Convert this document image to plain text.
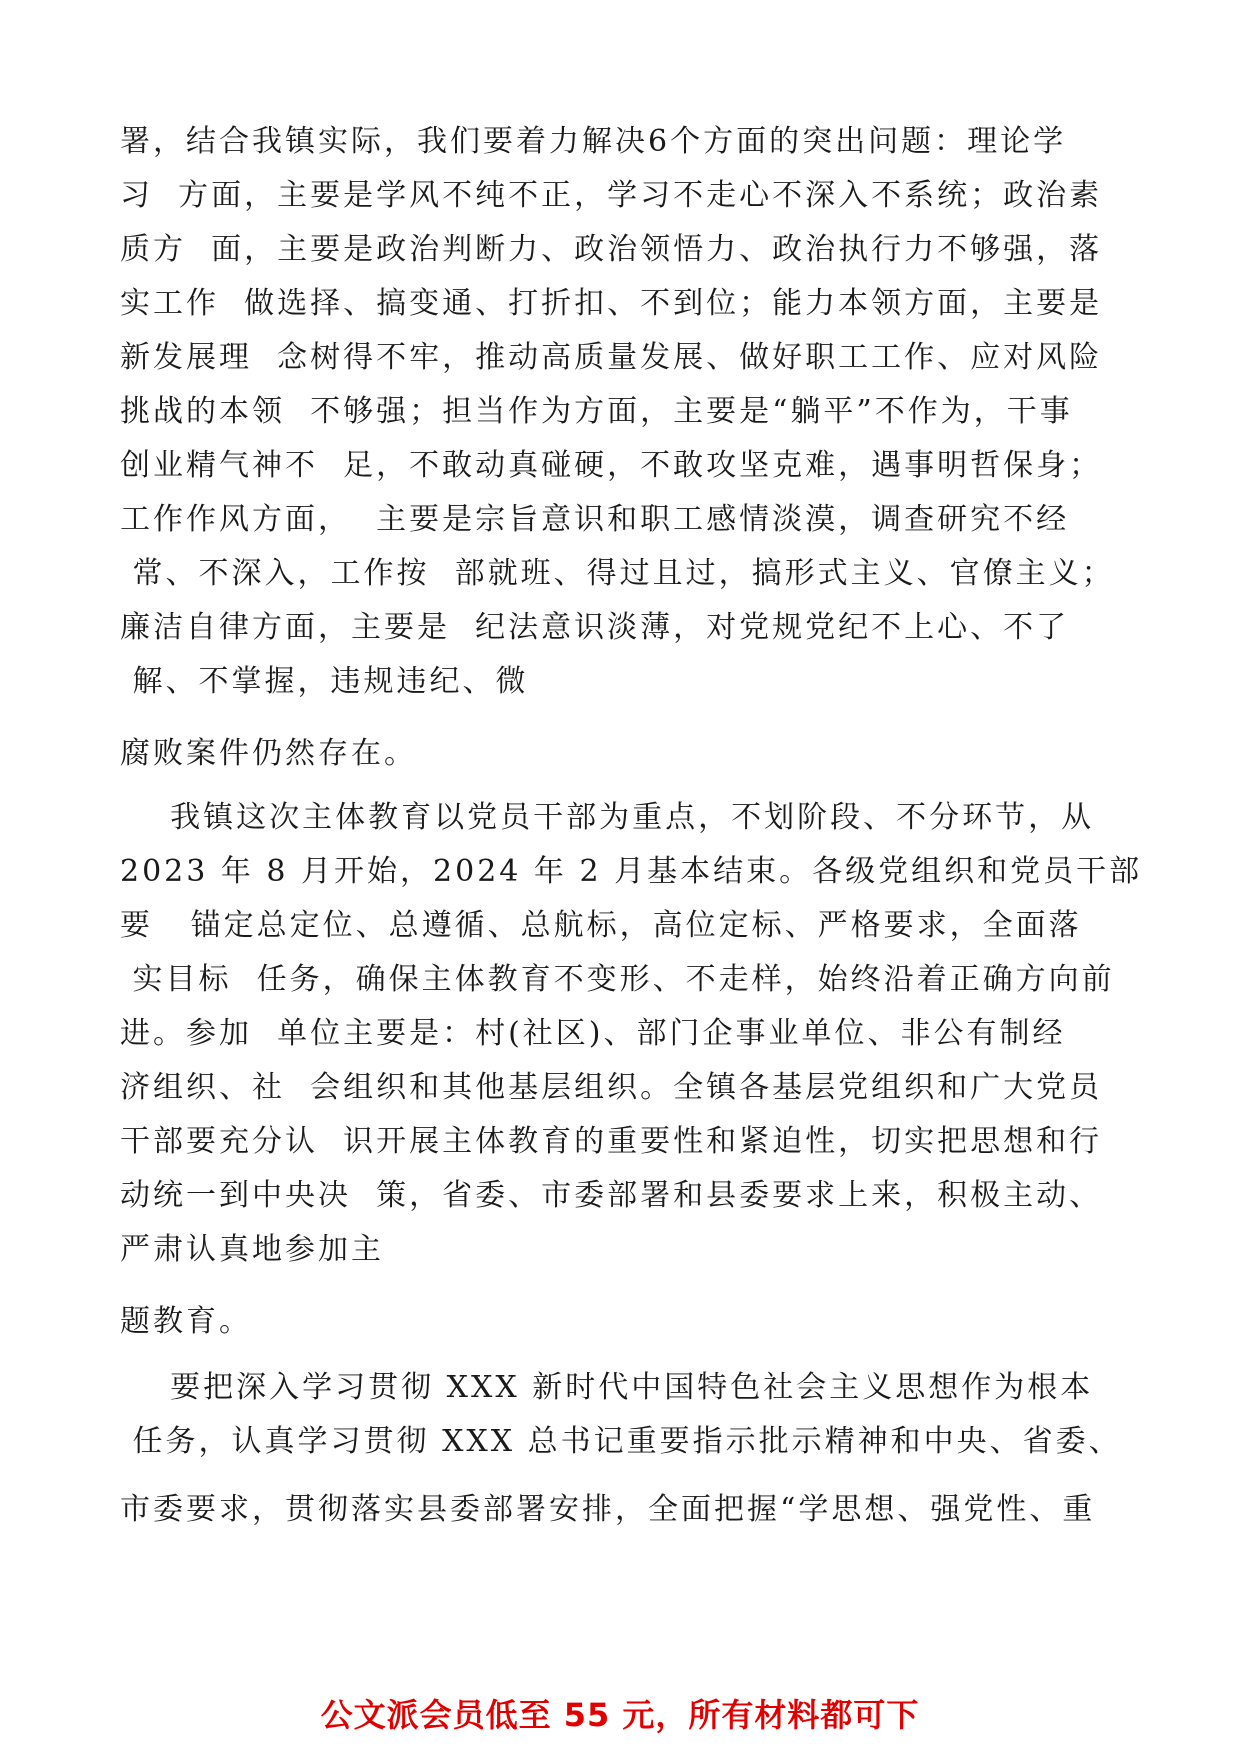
署，结合我镇实际，我们要着力解决6个方面的突出问题：理论学
习  方面，主要是学风不纯不正，学习不走心不深入不系统；政治素
质方  面，主要是政治判断力、政治领悟力、政治执行力不够强，落
实工作  做选择、搞变通、打折扣、不到位；能力本领方面，主要是
新发展理  念树得不牢，推动高质量发展、做好职工工作、应对风险
挑战的本领  不够强；担当作为方面，主要是“躺平”不作为，干事
创业精气神不  足，不敢动真碰硬，不敢攻坚克难，遇事明哲保身；
工作作风方面，  主要是宗旨意识和职工感情淡漠，调查研究不经
常、不深入，工作按  部就班、得过且过，搞形式主义、官僚主义；
廉洁自律方面，主要是  纪法意识淡薄，对党规党纪不上心、不了
解、不掌握，违规违纪、微
腐败案件仍然存在。
我镇这次主体教育以党员干部为重点，不划阶段、不分环节，从
2023 年 8 月开始，2024 年 2 月基本结束。各级党组织和党员干部
要   锚定总定位、总遵循、总航标，高位定标、严格要求，全面落
实目标  任务，确保主体教育不变形、不走样，始终沿着正确方向前
进。参加  单位主要是：村(社区)、部门企事业单位、非公有制经
济组织、社  会组织和其他基层组织。全镇各基层党组织和广大党员
干部要充分认  识开展主体教育的重要性和紧迫性，切实把思想和行
动统一到中央决  策，省委、市委部署和县委要求上来，积极主动、
严肃认真地参加主
题教育。
要把深入学习贯彻 XXX 新时代中国特色社会主义思想作为根本
任务，认真学习贯彻 XXX 总书记重要指示批示精神和中央、省委、
市委要求，贯彻落实县委部署安排，全面把握“学思想、强党性、重
公文派会员低至 55 元，所有材料都可下
